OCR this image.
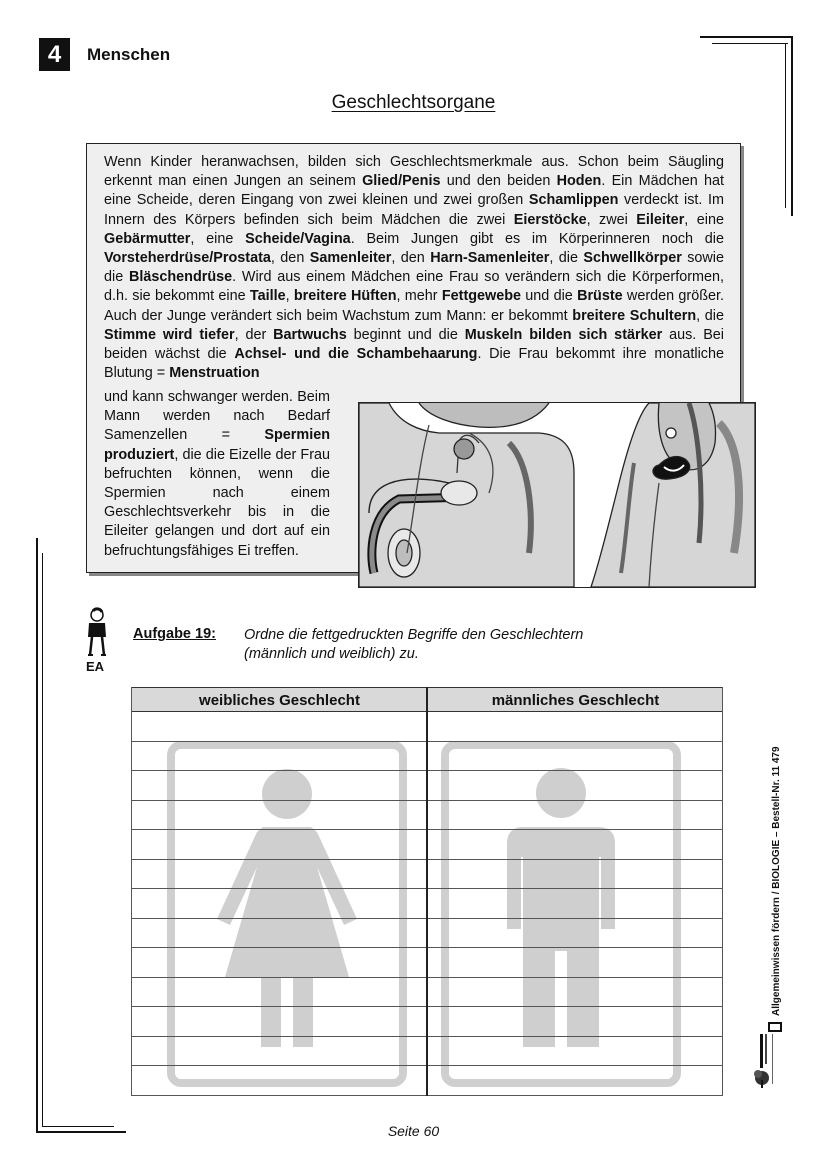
4	Menschen
Geschlechtsorgane
Wenn Kinder heranwachsen, bilden sich Geschlechtsmerkmale aus. Schon beim Säugling erkennt man einen Jungen an seinem Glied/Penis und den beiden Hoden. Ein Mädchen hat eine Scheide, deren Eingang von zwei kleinen und zwei großen Schamlippen verdeckt ist. Im Innern des Körpers befinden sich beim Mädchen die zwei Eierstöcke, zwei Eileiter, eine Gebärmutter, eine Scheide/Vagina. Beim Jungen gibt es im Körperinneren noch die Vorsteherdrüse/Prostata, den Samenleiter, den Harn-Samenleiter, die Schwellkörper sowie die Bläschendrüse. Wird aus einem Mädchen eine Frau so verändern sich die Körperformen, d.h. sie bekommt eine Taille, breitere Hüften, mehr Fettgewebe und die Brüste werden größer. Auch der Junge verändert sich beim Wachstum zum Mann: er bekommt breitere Schultern, die Stimme wird tiefer, der Bartwuchs beginnt und die Muskeln bilden sich stärker aus. Bei beiden wächst die Achsel- und die Schambehaarung. Die Frau bekommt ihre monatliche Blutung = Menstruation
und kann schwanger werden. Beim Mann werden nach Bedarf Samenzellen = Spermien produziert, die die Eizelle der Frau befruchten können, wenn die Spermien nach einem Geschlechtsverkehr bis in die Eileiter gelangen und dort auf ein befruchtungsfähiges Ei treffen.
EA
Aufgabe 19: Ordne die fettgedruckten Begriffe den Geschlechtern
(männlich und weiblich) zu.
weibliches Geschlecht	männliches Geschlecht
Allgemeinwissen fördern / BIOLOGIE – Bestell-Nr. 11 479
Seite 60
